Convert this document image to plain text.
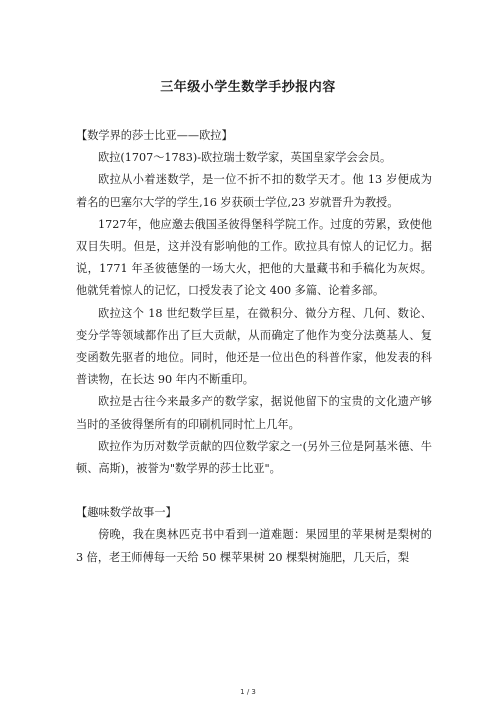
三年级小学生数学手抄报内容

【数学界的莎士比亚——欧拉】

欧拉(1707～1783)-欧拉瑞士数学家，英国皇家学会会员。

欧拉从小着迷数学，是一位不折不扣的数学天才。他 13 岁便成为着名的巴塞尔大学的学生,16 岁获硕士学位,23 岁就晋升为教授。

1727年，他应邀去俄国圣彼得堡科学院工作。过度的劳累，致使他双目失明。但是，这并没有影响他的工作。欧拉具有惊人的记忆力。据说，1771 年圣彼德堡的一场大火，把他的大量藏书和手稿化为灰烬。他就凭着惊人的记忆，口授发表了论文 400 多篇、论着多部。

欧拉这个 18 世纪数学巨星，在微积分、微分方程、几何、数论、变分学等领域都作出了巨大贡献，从而确定了他作为变分法奠基人、复变函数先驱者的地位。同时，他还是一位出色的科普作家，他发表的科普读物，在长达 90 年内不断重印。

欧拉是古往今来最多产的数学家，据说他留下的宝贵的文化遗产够当时的圣彼得堡所有的印刷机同时忙上几年。

欧拉作为历对数学贡献的四位数学家之一(另外三位是阿基米德、牛顿、高斯)，被誉为"数学界的莎士比亚"。

【趣味数学故事一】

傍晚，我在奥林匹克书中看到一道难题：果园里的苹果树是梨树的 3 倍，老王师傅每一天给 50 棵苹果树 20 棵梨树施肥，几天后，梨

1 / 3
